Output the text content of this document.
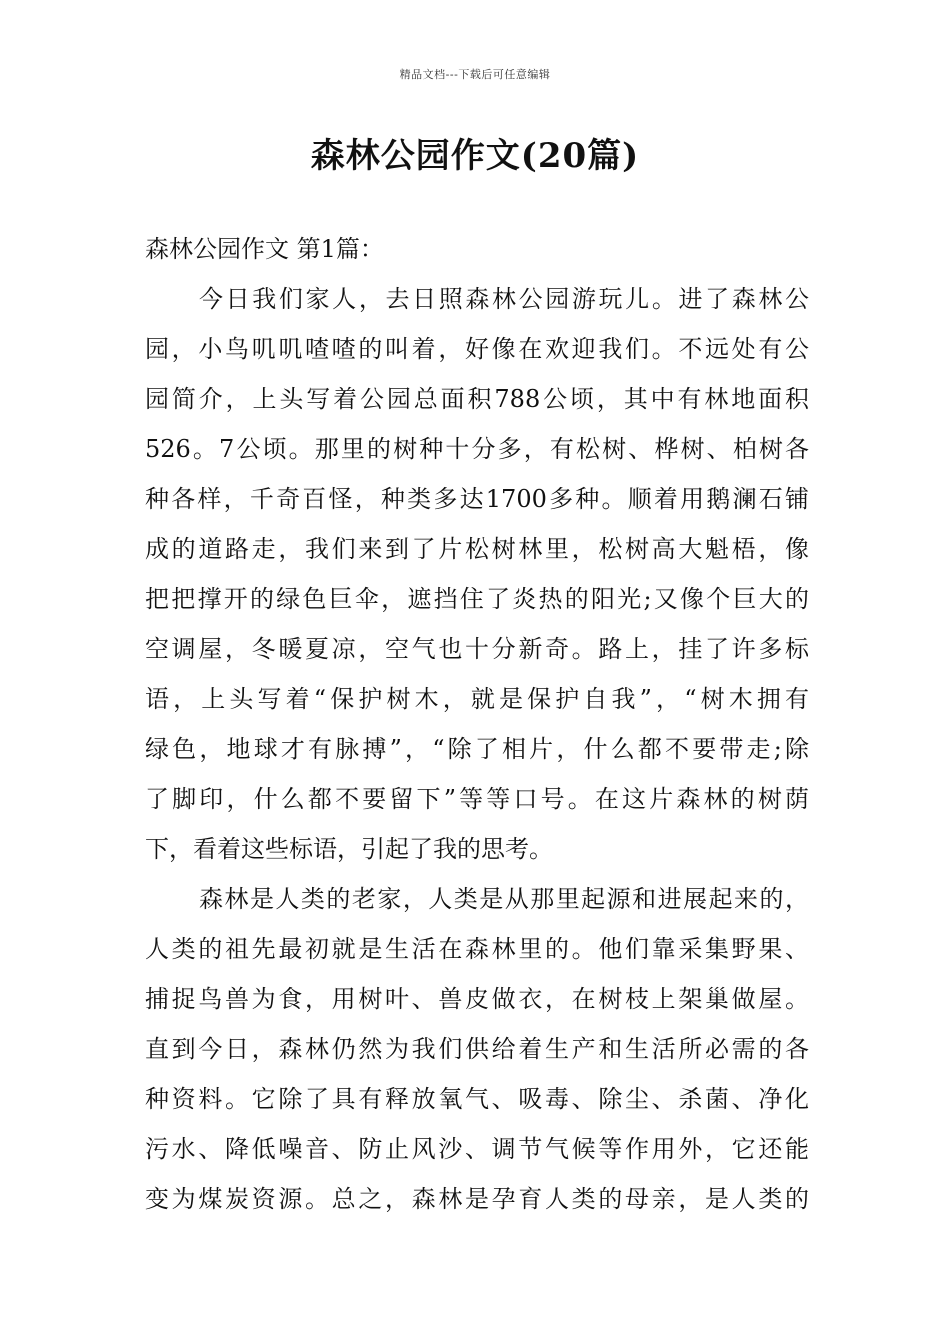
精品文档---下载后可任意编辑
森林公园作文(20篇)
森林公园作文 第1篇：
今日我们家人，去日照森林公园游玩儿。进了森林公
园，小鸟叽叽喳喳的叫着，好像在欢迎我们。不远处有公
园简介，上头写着公园总面积788公顷，其中有林地面积
526。7公顷。那里的树种十分多，有松树、桦树、柏树各
种各样，千奇百怪，种类多达1700多种。顺着用鹅澜石铺
成的道路走，我们来到了片松树林里，松树高大魁梧，像
把把撑开的绿色巨伞，遮挡住了炎热的阳光;又像个巨大的
空调屋，冬暖夏凉，空气也十分新奇。路上，挂了许多标
语，上头写着“保护树木，就是保护自我”，“树木拥有
绿色，地球才有脉搏”，“除了相片，什么都不要带走;除
了脚印，什么都不要留下”等等口号。在这片森林的树荫
下，看着这些标语，引起了我的思考。
森林是人类的老家，人类是从那里起源和进展起来的，
人类的祖先最初就是生活在森林里的。他们靠采集野果、
捕捉鸟兽为食，用树叶、兽皮做衣，在树枝上架巢做屋。
直到今日，森林仍然为我们供给着生产和生活所必需的各
种资料。它除了具有释放氧气、吸毒、除尘、杀菌、净化
污水、降低噪音、防止风沙、调节气候等作用外，它还能
变为煤炭资源。总之，森林是孕育人类的母亲，是人类的
